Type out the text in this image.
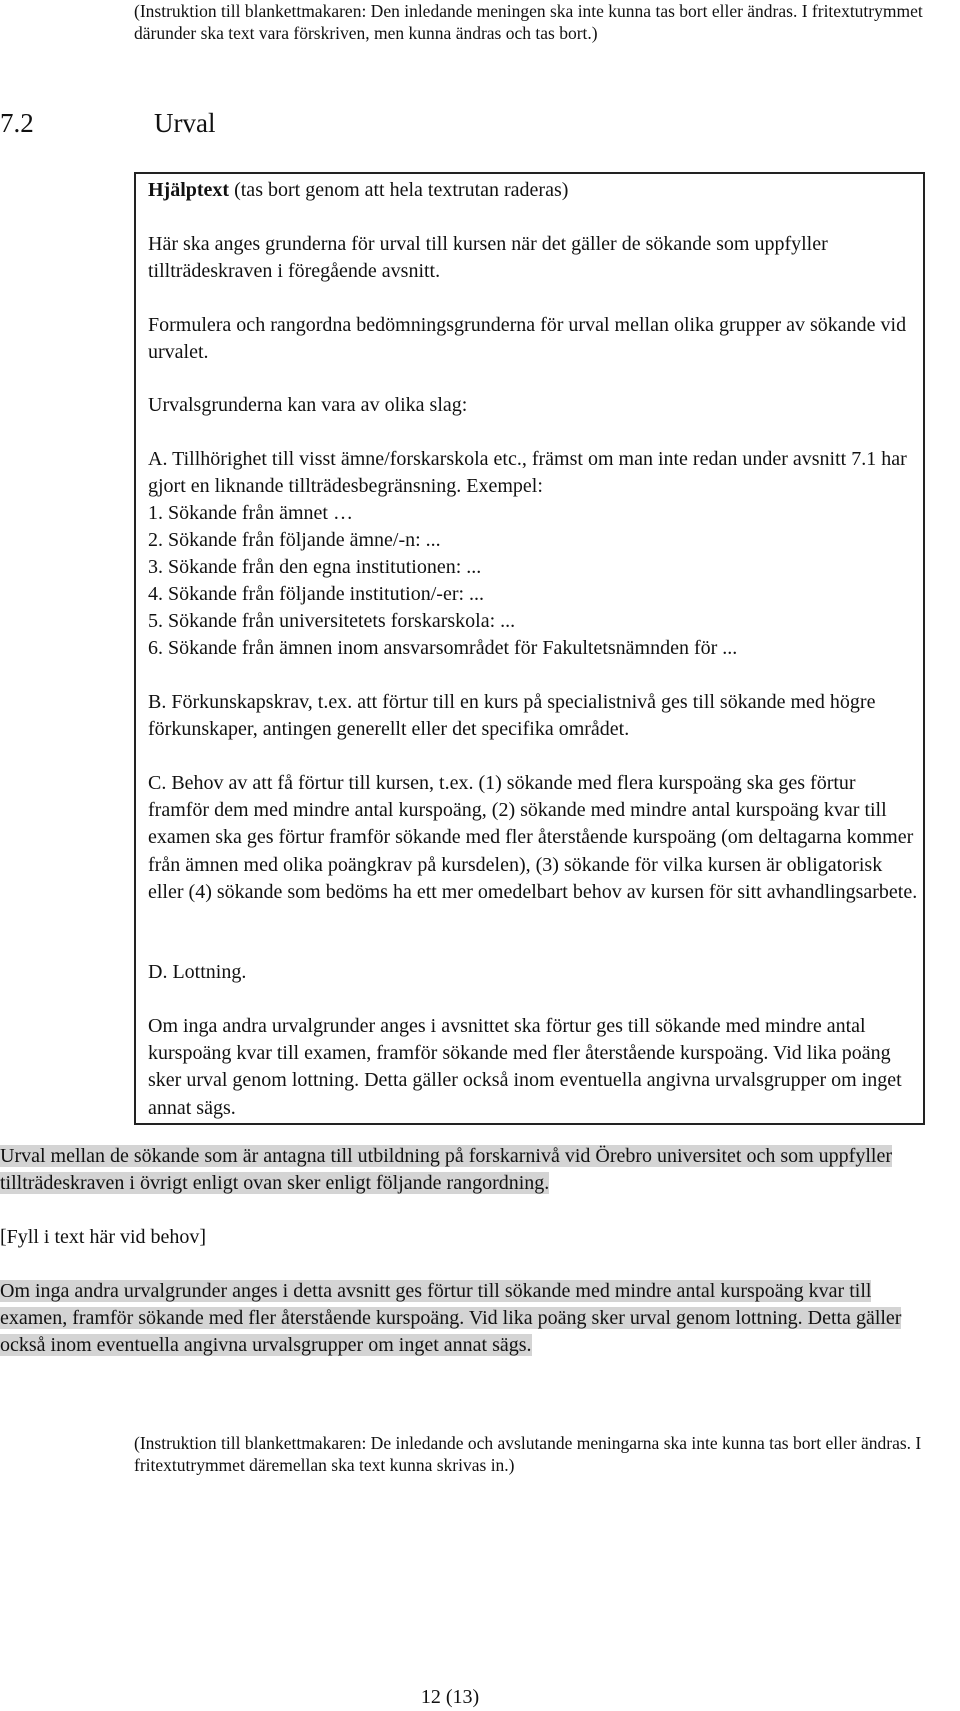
(Instruktion till blankettmakaren: Den inledande meningen ska inte kunna tas bort eller ändras. I fritextutrymmet därunder ska text vara förskriven, men kunna ändras och tas bort.)
7.2	Urval

Hjälptext (tas bort genom att hela textrutan raderas)

Här ska anges grunderna för urval till kursen när det gäller de sökande som uppfyller tillträdeskraven i föregående avsnitt.

Formulera och rangordna bedömningsgrunderna för urval mellan olika grupper av sökande vid urvalet.

Urvalsgrunderna kan vara av olika slag:

A. Tillhörighet till visst ämne/forskarskola etc., främst om man inte redan under avsnitt 7.1 har gjort en liknande tillträdesbegränsning. Exempel:

1. Sökande från ämnet …

2. Sökande från följande ämne/-n: ...

3. Sökande från den egna institutionen: ...

4. Sökande från följande institution/-er: ...

5. Sökande från universitetets forskarskola: ...

6. Sökande från ämnen inom ansvarsområdet för Fakultetsnämnden för ...

B. Förkunskapskrav, t.ex. att förtur till en kurs på specialistnivå ges till sökande med högre förkunskaper, antingen generellt eller det specifika området.

C. Behov av att få förtur till kursen, t.ex. (1) sökande med flera kurspoäng ska ges förtur framför dem med mindre antal kurspoäng, (2) sökande med mindre antal kurspoäng kvar till examen ska ges förtur framför sökande med fler återstående kurspoäng (om deltagarna kommer från ämnen med olika poängkrav på kursdelen), (3) sökande för vilka kursen är obligatorisk eller (4) sökande som bedöms ha ett mer omedelbart behov av kursen för sitt avhandlingsarbete.

D. Lottning.

Om inga andra urvalgrunder anges i avsnittet ska förtur ges till sökande med mindre antal kurspoäng kvar till examen, framför sökande med fler återstående kurspoäng. Vid lika poäng sker urval genom lottning. Detta gäller också inom eventuella angivna urvalsgrupper om inget annat sägs.

Urval mellan de sökande som är antagna till utbildning på forskarnivå vid Örebro universitet och som uppfyller tillträdeskraven i övrigt enligt ovan sker enligt följande rangordning.
[Fyll i text här vid behov]
Om inga andra urvalgrunder anges i detta avsnitt ges förtur till sökande med mindre antal kurspoäng kvar till examen, framför sökande med fler återstående kurspoäng. Vid lika poäng sker urval genom lottning. Detta gäller också inom eventuella angivna urvalsgrupper om inget annat sägs.
(Instruktion till blankettmakaren: De inledande och avslutande meningarna ska inte kunna tas bort eller ändras. I fritextutrymmet däremellan ska text kunna skrivas in.)
12 (13)
